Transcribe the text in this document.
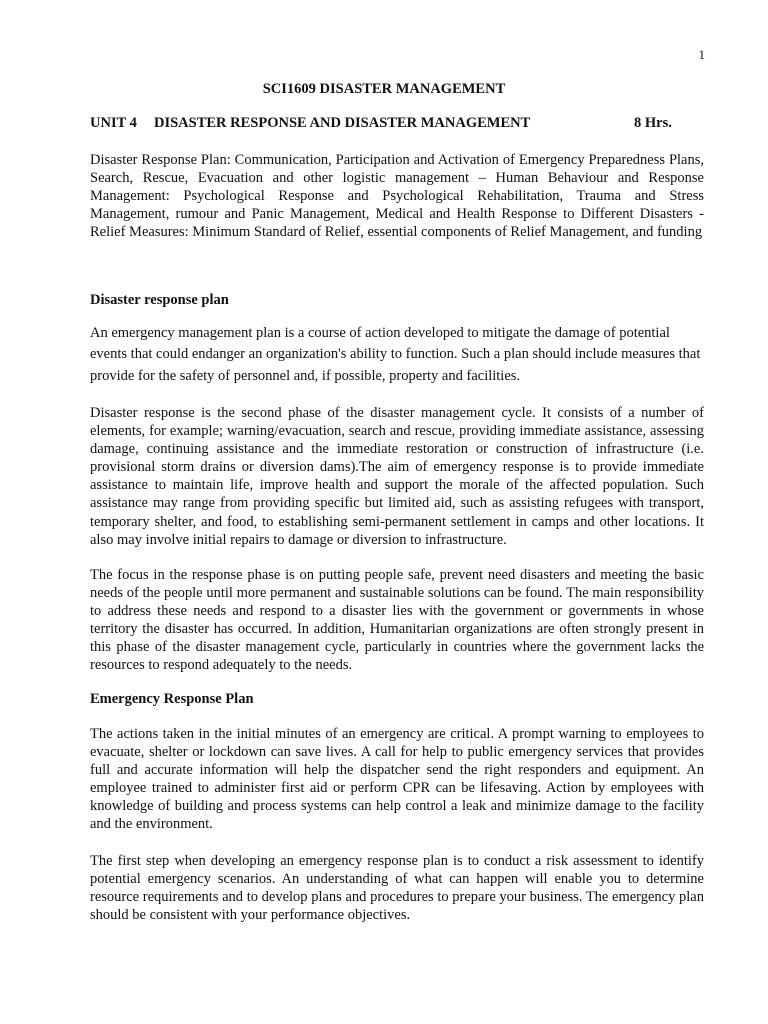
1
SCI1609 DISASTER MANAGEMENT
UNIT 4 DISASTER RESPONSE AND DISASTER MANAGEMENT	8 Hrs.

Disaster Response Plan: Communication, Participation and Activation of Emergency Preparedness Plans, Search, Rescue, Evacuation and other logistic management – Human Behaviour and Response Management: Psychological Response and Psychological Rehabilitation, Trauma and Stress Management, rumour and Panic Management, Medical and Health Response to Different Disasters - Relief Measures: Minimum Standard of Relief, essential components of Relief Management, and funding

Disaster response plan

An emergency management plan is a course of action developed to mitigate the damage of potential events that could endanger an organization's ability to function. Such a plan should include measures that provide for the safety of personnel and, if possible, property and facilities.

Disaster response is the second phase of the disaster management cycle. It consists of a number of elements, for example; warning/evacuation, search and rescue, providing immediate assistance, assessing damage, continuing assistance and the immediate restoration or construction of infrastructure (i.e. provisional storm drains or diversion dams).The aim of emergency response is to provide immediate assistance to maintain life, improve health and support the morale of the affected population. Such assistance may range from providing specific but limited aid, such as assisting refugees with transport, temporary shelter, and food, to establishing semi-permanent settlement in camps and other locations. It also may involve initial repairs to damage or diversion to infrastructure.

The focus in the response phase is on putting people safe, prevent need disasters and meeting the basic needs of the people until more permanent and sustainable solutions can be found. The main responsibility to address these needs and respond to a disaster lies with the government or governments in whose territory the disaster has occurred. In addition, Humanitarian organizations are often strongly present in this phase of the disaster management cycle, particularly in countries where the government lacks the resources to respond adequately to the needs.

Emergency Response Plan

The actions taken in the initial minutes of an emergency are critical. A prompt warning to employees to evacuate, shelter or lockdown can save lives. A call for help to public emergency services that provides full and accurate information will help the dispatcher send the right responders and equipment. An employee trained to administer first aid or perform CPR can be lifesaving. Action by employees with knowledge of building and process systems can help control a leak and minimize damage to the facility and the environment.

The first step when developing an emergency response plan is to conduct a risk assessment to identify potential emergency scenarios. An understanding of what can happen will enable you to determine resource requirements and to develop plans and procedures to prepare your business. The emergency plan should be consistent with your performance objectives.
